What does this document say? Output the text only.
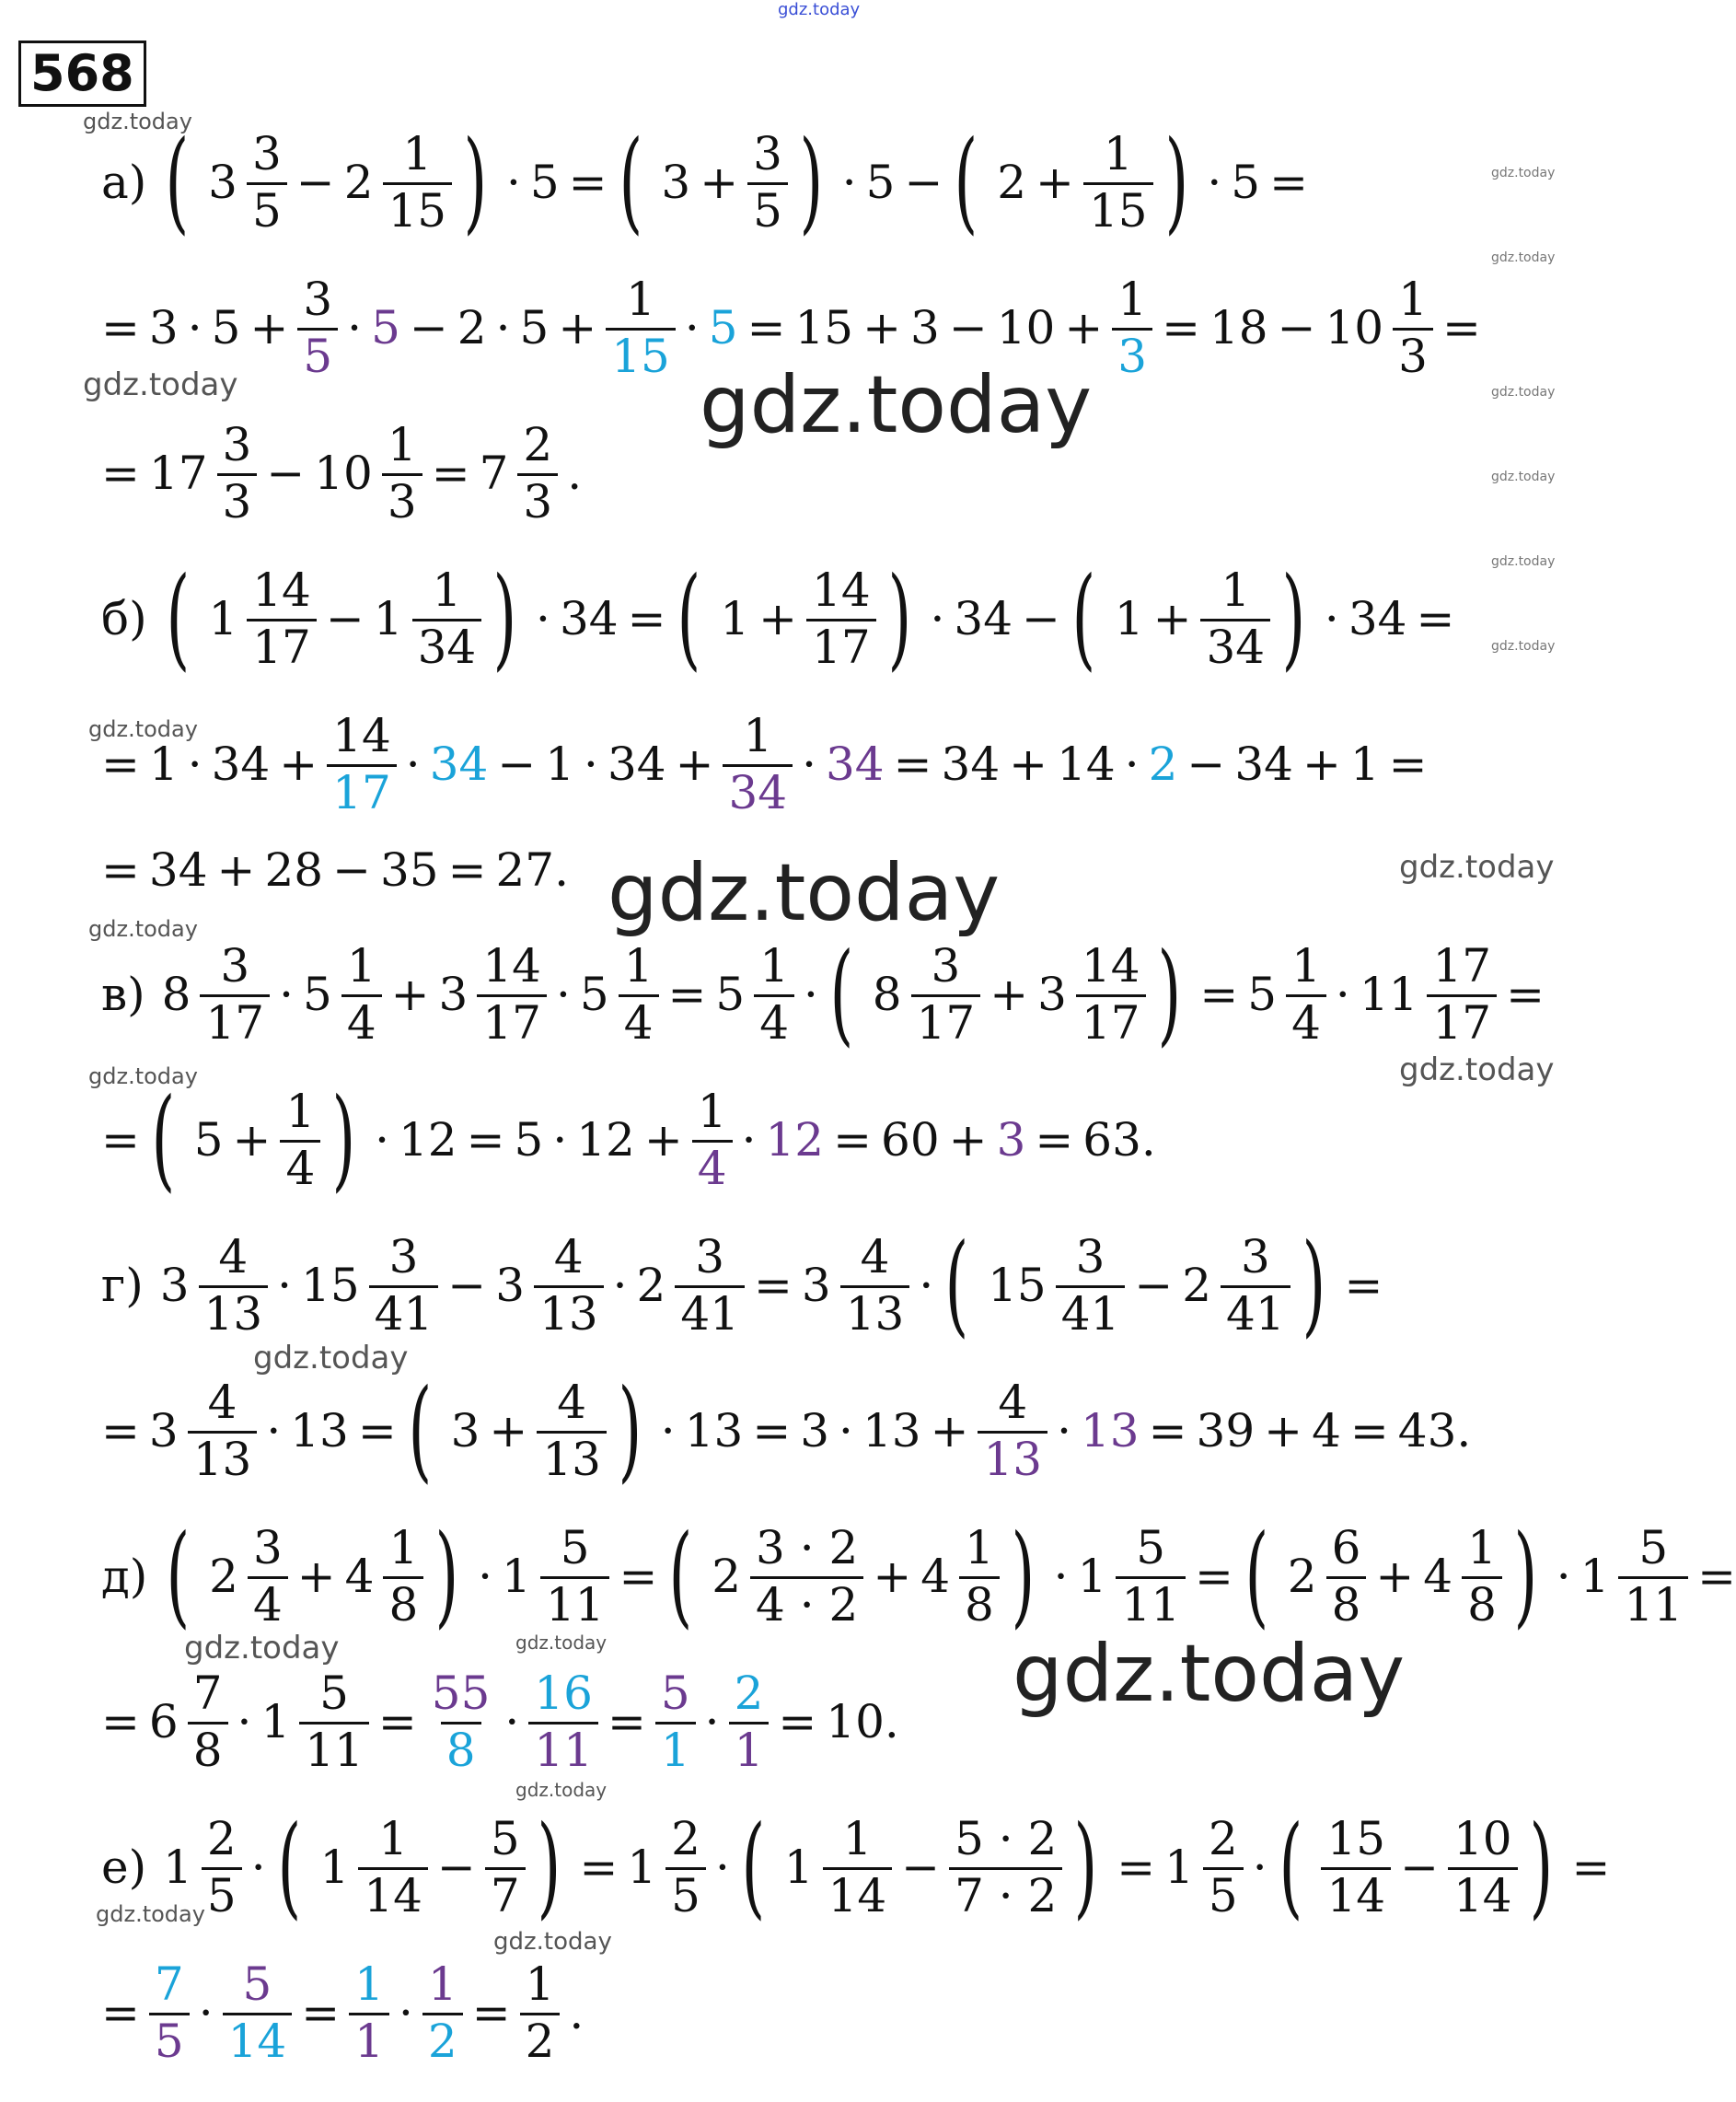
568
gdz.today
gdz.today
gdz.today
gdz.today
gdz.today	gdz.today	gdz.today
gdz.today
gdz.today
gdz.today
gdz.today
gdz.today
gdz.today
gdz.today
gdz.today	gdz.today
gdz.today
gdz.today	gdz.today	gdz.today
gdz.today
gdz.today
gdz.today
а) ( $3 \frac{3}{5} - 2 \frac{1}{15}$ ) · 5 = ( $3 + \frac{3}{5}$ ) · 5 − ( $2 + \frac{1}{15}$ ) · 5 =
= $3 \cdot 5 + \frac{3}{5} \cdot 5 - 2 \cdot 5 + \frac{1}{15} \cdot 5 = 15 + 3 - 10 + \frac{1}{3} = 18 - 10 \frac{1}{3}$ =
= $17 \frac{3}{3} - 10 \frac{1}{3} = 7 \frac{2}{3}$ .
б) ( $1 \frac{14}{17} - 1 \frac{1}{34}$ ) · 34 = ( $1 + \frac{14}{17}$ ) · 34 − ( $1 + \frac{1}{34}$ ) · 34 =
= $1 \cdot 34 + \frac{14}{17} \cdot 34 - 1 \cdot 34 + \frac{1}{34} \cdot 34 = 34 + 14 \cdot 2 - 34 + 1$ =
= 34 + 28 − 35 = 27.
в) $8 \frac{3}{17} \cdot 5 \frac{1}{4} + 3 \frac{14}{17} \cdot 5 \frac{1}{4} = 5 \frac{1}{4}$ · ( $8 \frac{3}{17} + 3 \frac{14}{17}$ ) = $5 \frac{1}{4} \cdot 11 \frac{17}{17}$ =
= ( $5 + \frac{1}{4}$ ) · $12 = 5 \cdot 12 + \frac{1}{4} \cdot 12 = 60 + 3 = 63$.
г) $3 \frac{4}{13} \cdot 15 \frac{3}{41} - 3 \frac{4}{13} \cdot 2 \frac{3}{41} = 3 \frac{4}{13}$ · ( $15 \frac{3}{41} - 2 \frac{3}{41}$ ) =
= $3 \frac{4}{13} \cdot 13$ = ( $3 + \frac{4}{13}$ ) · $13 = 3 \cdot 13 + \frac{4}{13} \cdot 13 = 39 + 4 = 43$.
д) ( $2 \frac{3}{4} + 4 \frac{1}{8}$ ) · $1 \frac{5}{11}$ = ( $2 \frac{3 \cdot 2}{4 \cdot 2} + 4 \frac{1}{8}$ ) · $1 \frac{5}{11}$ = ( $2 \frac{6}{8} + 4 \frac{1}{8}$ ) · $1 \frac{5}{11}$ =
= $6 \frac{7}{8} \cdot 1 \frac{5}{11} = \frac{55}{8} \cdot \frac{16}{11} = \frac{5}{1} \cdot \frac{2}{1} = 10$.
е) $1 \frac{2}{5}$ · ( $1 \frac{1}{14} - \frac{5}{7}$ ) = $1 \frac{2}{5}$ · ( $1 \frac{1}{14} - \frac{5 \cdot 2}{7 \cdot 2}$ ) = $1 \frac{2}{5}$ · ( $\frac{15}{14} - \frac{10}{14}$ ) =
= $\frac{7}{5} \cdot \frac{5}{14} = \frac{1}{1} \cdot \frac{1}{2} = \frac{1}{2}$ .
